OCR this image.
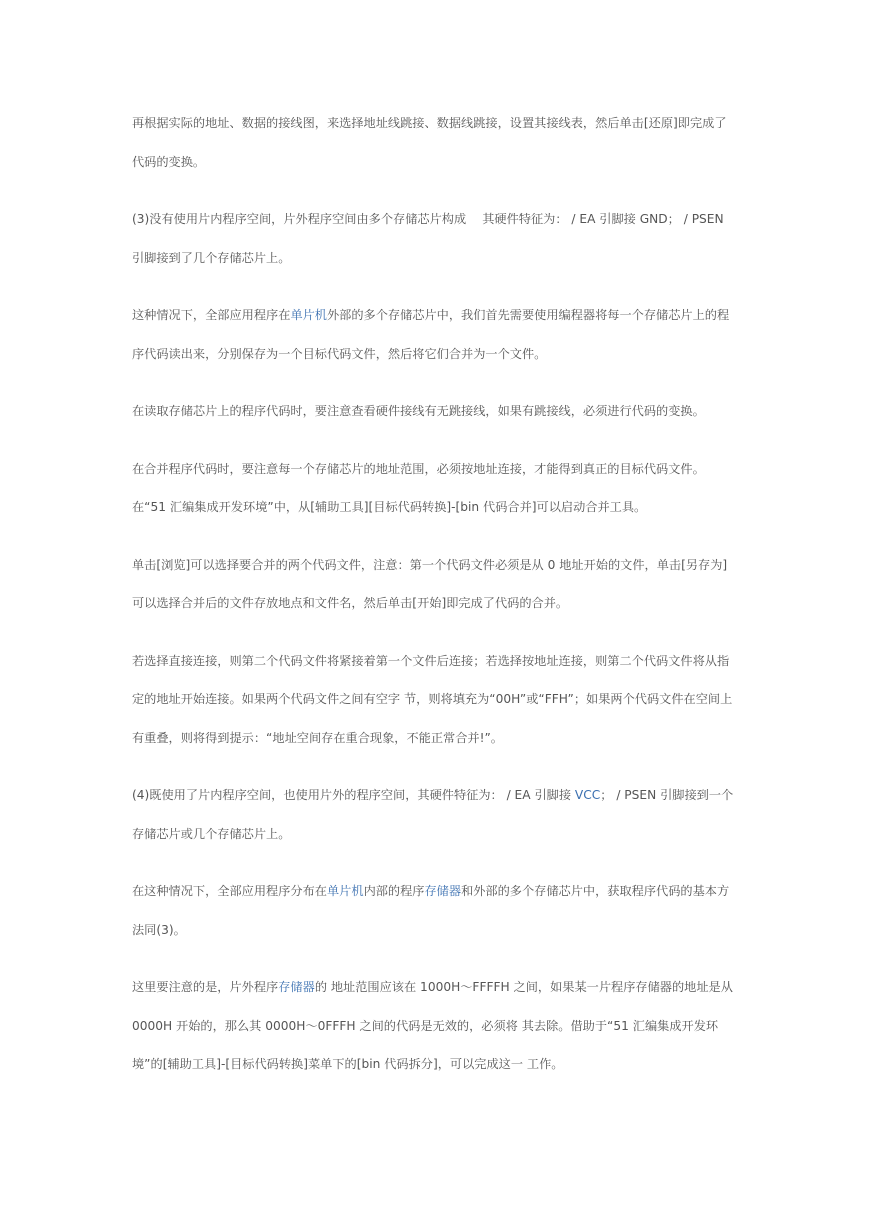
再根据实际的地址、数据的接线图，来选择地址线跳接、数据线跳接，设置其接线表，然后单击[还原]即完成了代码的变换。

(3)没有使用片内程序空间，片外程序空间由多个存储芯片构成　 其硬件特征为： / EA 引脚接 GND； / PSEN 引脚接到了几个存储芯片上。

这种情况下，全部应用程序在单片机外部的多个存储芯片中，我们首先需要使用编程器将每一个存储芯片上的程序代码读出来，分别保存为一个目标代码文件，然后将它们合并为一个文件。

在读取存储芯片上的程序代码时，要注意查看硬件接线有无跳接线，如果有跳接线，必须进行代码的变换。

在合并程序代码时，要注意每一个存储芯片的地址范围，必须按地址连接，才能得到真正的目标代码文件。　 在“51 汇编集成开发环境”中，从[辅助工具][目标代码转换]-[bin 代码合并]可以启动合并工具。

单击[浏览]可以选择要合并的两个代码文件，注意：第一个代码文件必须是从 0 地址开始的文件，单击[另存为]可以选择合并后的文件存放地点和文件名，然后单击[开始]即完成了代码的合并。

若选择直接连接，则第二个代码文件将紧接着第一个文件后连接；若选择按地址连接，则第二个代码文件将从指定的地址开始连接。如果两个代码文件之间有空字 节，则将填充为“00H”或“FFH”；如果两个代码文件在空间上有重叠，则将得到提示：“地址空间存在重合现象，不能正常合并!”。

(4)既使用了片内程序空间，也使用片外的程序空间，其硬件特征为： / EA 引脚接 VCC； / PSEN 引脚接到一个存储芯片或几个存储芯片上。

在这种情况下，全部应用程序分布在单片机内部的程序存储器和外部的多个存储芯片中，获取程序代码的基本方法同(3)。

这里要注意的是，片外程序存储器的 地址范围应该在 1000H～FFFFH 之间，如果某一片程序存储器的地址是从 0000H 开始的，那么其 0000H～0FFFH 之间的代码是无效的，必须将 其去除。借助于“51 汇编集成开发环境”的[辅助工具]-[目标代码转换]菜单下的[bin 代码拆分]，可以完成这一 工作。
